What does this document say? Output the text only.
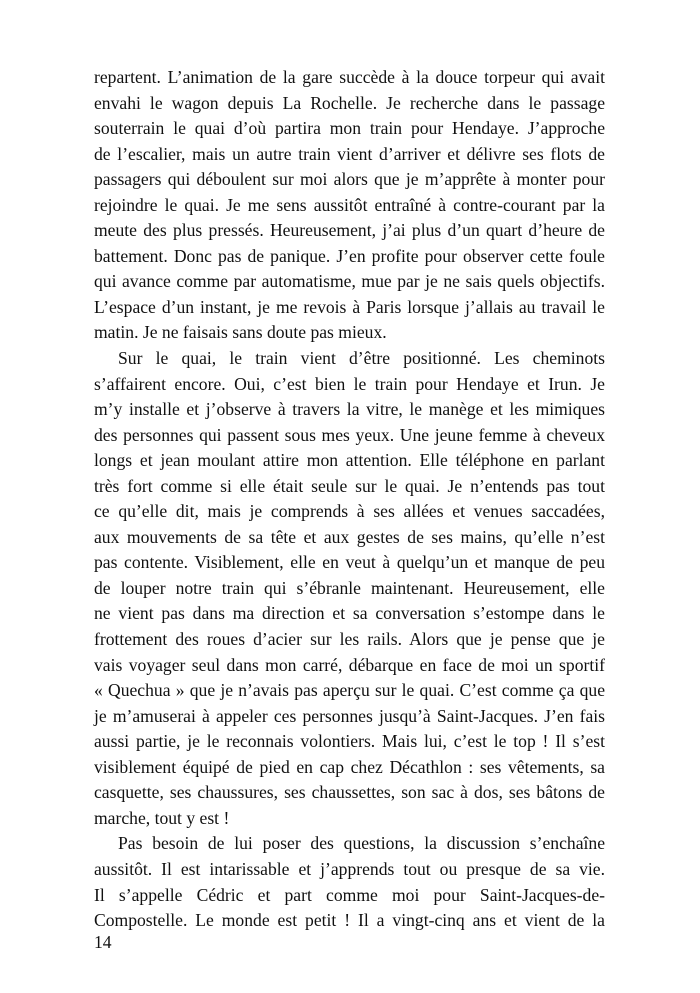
repartent. L’animation de la gare succède à la douce torpeur qui avait
envahi le wagon depuis La Rochelle. Je recherche dans le passage
souterrain le quai d’où partira mon train pour Hendaye. J’approche
de l’escalier, mais un autre train vient d’arriver et délivre ses flots de
passagers qui déboulent sur moi alors que je m’apprête à monter pour
rejoindre le quai. Je me sens aussitôt entraîné à contre-courant par la
meute des plus pressés. Heureusement, j’ai plus d’un quart d’heure de
battement. Donc pas de panique. J’en profite pour observer cette foule
qui avance comme par automatisme, mue par je ne sais quels objectifs.
L’espace d’un instant, je me revois à Paris lorsque j’allais au travail le
matin. Je ne faisais sans doute pas mieux.
Sur le quai, le train vient d’être positionné. Les cheminots
s’affairent encore. Oui, c’est bien le train pour Hendaye et Irun. Je
m’y installe et j’observe à travers la vitre, le manège et les mimiques
des personnes qui passent sous mes yeux. Une jeune femme à cheveux
longs et jean moulant attire mon attention. Elle téléphone en parlant
très fort comme si elle était seule sur le quai. Je n’entends pas tout
ce qu’elle dit, mais je comprends à ses allées et venues saccadées,
aux mouvements de sa tête et aux gestes de ses mains, qu’elle n’est
pas contente. Visiblement, elle en veut à quelqu’un et manque de peu
de louper notre train qui s’ébranle maintenant. Heureusement, elle
ne vient pas dans ma direction et sa conversation s’estompe dans le
frottement des roues d’acier sur les rails. Alors que je pense que je
vais voyager seul dans mon carré, débarque en face de moi un sportif
« Quechua » que je n’avais pas aperçu sur le quai. C’est comme ça que
je m’amuserai à appeler ces personnes jusqu’à Saint-Jacques. J’en fais
aussi partie, je le reconnais volontiers. Mais lui, c’est le top ! Il s’est
visiblement équipé de pied en cap chez Décathlon : ses vêtements, sa
casquette, ses chaussures, ses chaussettes, son sac à dos, ses bâtons de
marche, tout y est !
Pas besoin de lui poser des questions, la discussion s’enchaîne
aussitôt. Il est intarissable et j’apprends tout ou presque de sa vie.
Il s’appelle Cédric et part comme moi pour Saint-Jacques-de-
Compostelle. Le monde est petit ! Il a vingt-cinq ans et vient de la
14
